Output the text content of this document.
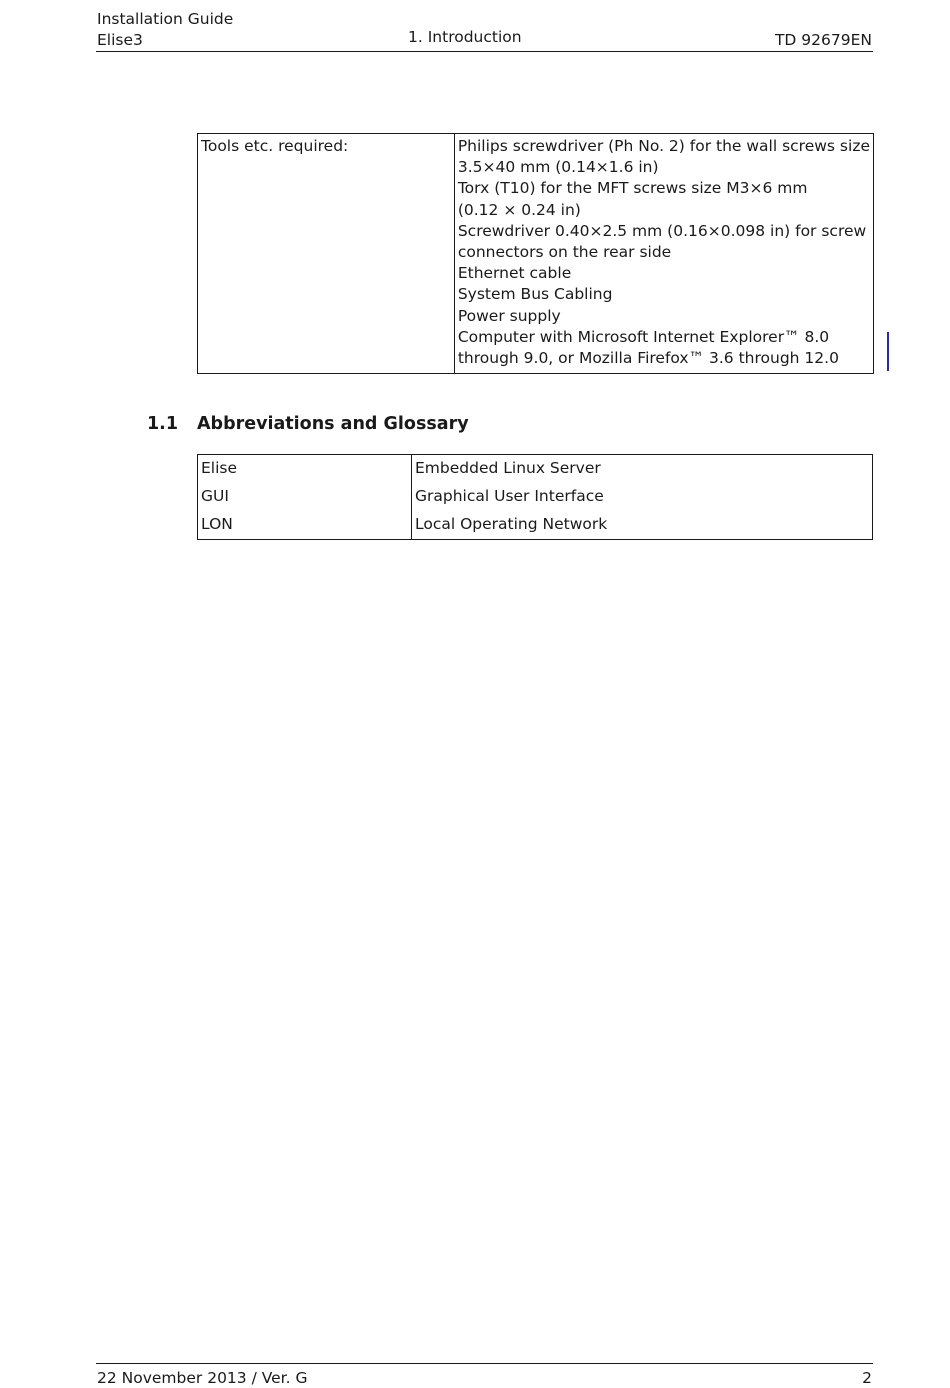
Installation Guide
Elise3	1. Introduction	TD 92679EN
Tools etc. required:	Philips screwdriver (Ph No. 2) for the wall screws size
3.5×40 mm (0.14×1.6 in)
Torx (T10) for the MFT screws size M3×6 mm
(0.12 × 0.24 in)
Screwdriver 0.40×2.5 mm (0.16×0.098 in) for screw
connectors on the rear side
Ethernet cable
System Bus Cabling
Power supply
Computer with Microsoft Internet Explorer™ 8.0
through 9.0, or Mozilla Firefox™ 3.6 through 12.0
1.1 Abbreviations and Glossary
Elise	Embedded Linux Server
GUI	Graphical User Interface
LON	Local Operating Network
22 November 2013 / Ver. G	2
